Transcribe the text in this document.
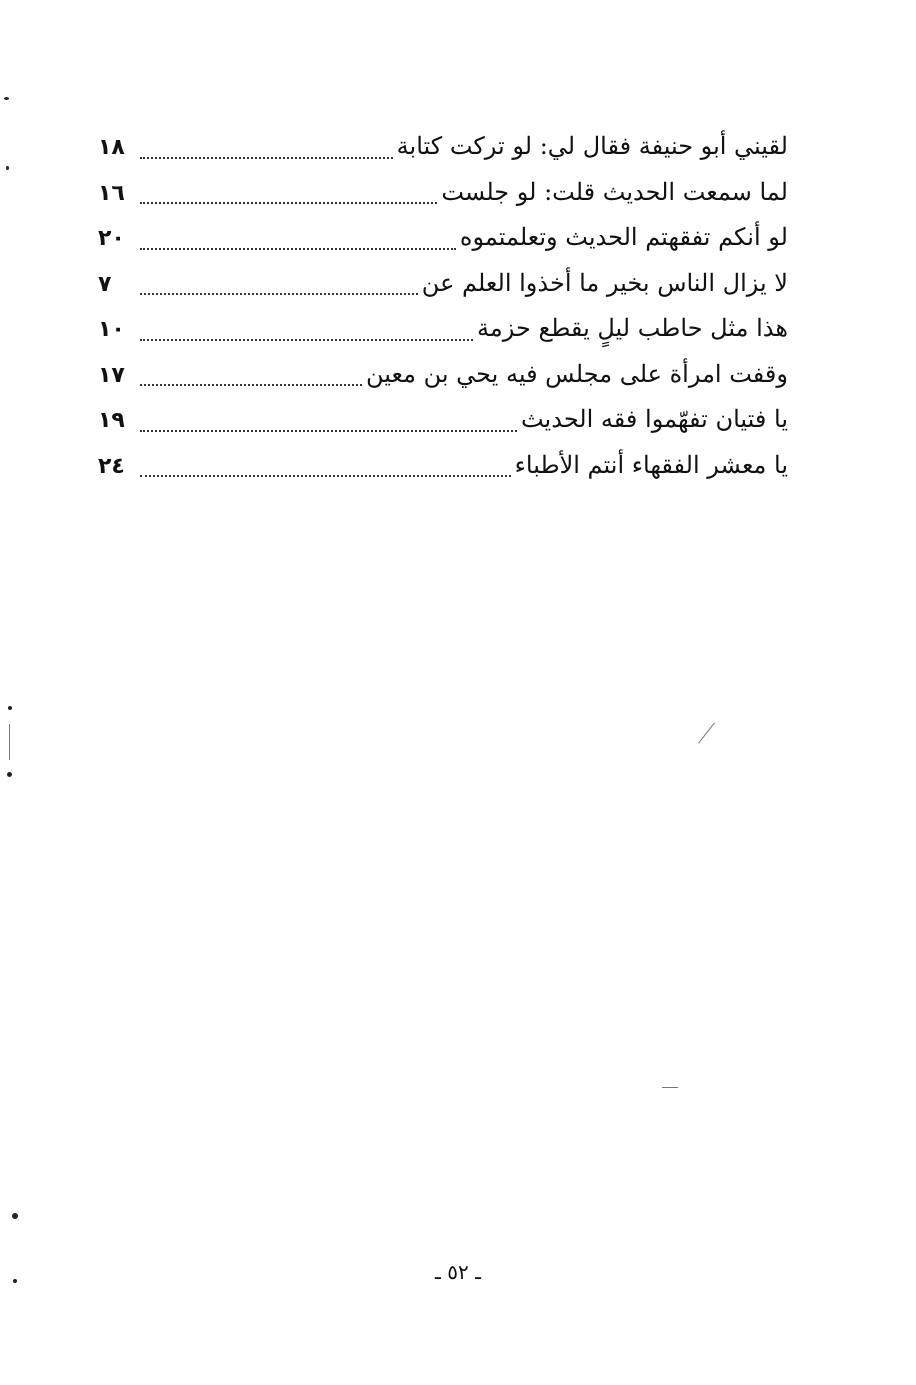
لقيني أبو حنيفة فقال لي: لو تركت كتابة
١٨
لما سمعت الحديث قلت: لو جلست
١٦
لو أنكم تفقهتم الحديث وتعلمتموه
٢٠
لا يزال الناس بخير ما أخذوا العلم عن
٧
هذا مثل حاطب ليلٍ يقطع حزمة
١٠
وقفت امرأة على مجلس فيه يحي بن معين
١٧
يا فتيان تفهّموا فقه الحديث
١٩
يا معشر الفقهاء أنتم الأطباء
٢٤
ـ ٥٢ ـ
